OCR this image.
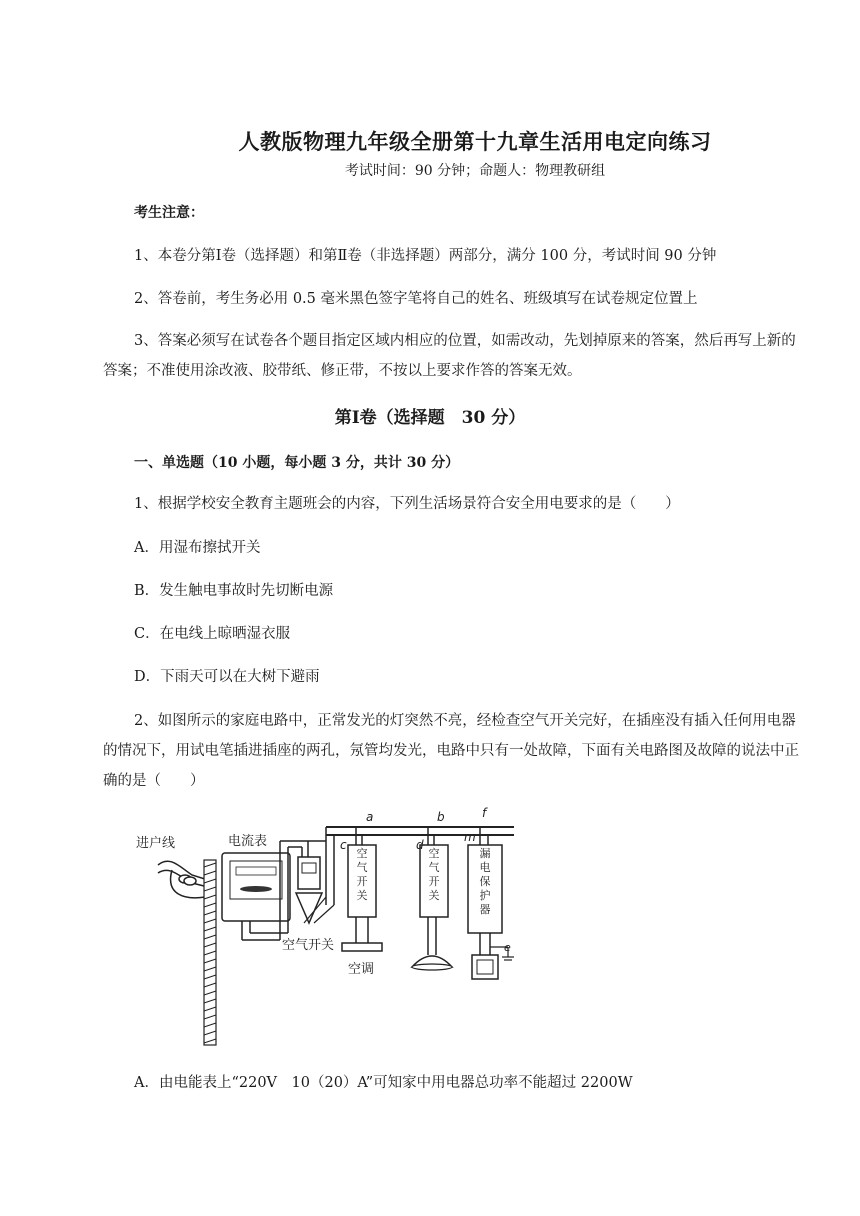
人教版物理九年级全册第十九章生活用电定向练习
考试时间：90 分钟；命题人：物理教研组
考生注意：
1、本卷分第Ⅰ卷（选择题）和第Ⅱ卷（非选择题）两部分，满分 100 分，考试时间 90 分钟
2、答卷前，考生务必用 0.5 毫米黑色签字笔将自己的姓名、班级填写在试卷规定位置上
3、答案必须写在试卷各个题目指定区域内相应的位置，如需改动，先划掉原来的答案，然后再写上新的答案；不准使用涂改液、胶带纸、修正带，不按以上要求作答的答案无效。
第Ⅰ卷（选择题　30 分）
一、单选题（10 小题，每小题 3 分，共计 30 分）
1、根据学校安全教育主题班会的内容，下列生活场景符合安全用电要求的是（　　）
A．用湿布擦拭开关
B．发生触电事故时先切断电源
C．在电线上晾晒湿衣服
D．下雨天可以在大树下避雨
2、如图所示的家庭电路中，正常发光的灯突然不亮，经检查空气开关完好，在插座没有插入任何用电器的情况下，用试电笔插进插座的两孔，氖管均发光，电路中只有一处故障，下面有关电路图及故障的说法中正确的是（　　）
进户线	电流表
空气开关
空调
a	b
c	d
f
m
e
空气开关
空气开关
漏电保护器
A．由电能表上“220V　10（20）A”可知家中用电器总功率不能超过 2200W
